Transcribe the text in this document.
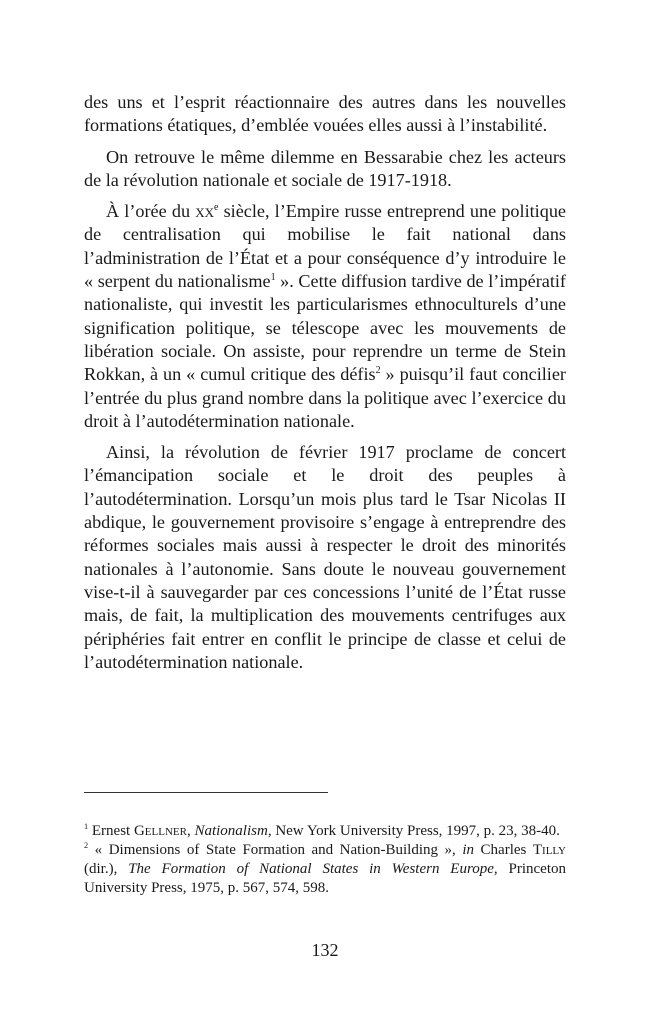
des uns et l’esprit réactionnaire des autres dans les nouvelles formations étatiques, d’emblée vouées elles aussi à l’instabilité.

On retrouve le même dilemme en Bessarabie chez les acteurs de la révolution nationale et sociale de 1917-1918.

À l’orée du $xx^e$ siècle, l’Empire russe entreprend une politique de centralisation qui mobilise le fait national dans l’administration de l’État et a pour conséquence d’y introduire le « serpent du nationalisme$^1$ ». Cette diffusion tardive de l’impératif nationaliste, qui investit les particularismes ethnoculturels d’une signification politique, se télescope avec les mouvements de libération sociale. On assiste, pour reprendre un terme de Stein Rokkan, à un « cumul critique des défis$^2$ » puisqu’il faut concilier l’entrée du plus grand nombre dans la politique avec l’exercice du droit à l’autodétermination nationale.

Ainsi, la révolution de février 1917 proclame de concert l’émancipation sociale et le droit des peuples à l’autodétermination. Lorsqu’un mois plus tard le Tsar Nicolas II abdique, le gouvernement provisoire s’engage à entreprendre des réformes sociales mais aussi à respecter le droit des minorités nationales à l’autonomie. Sans doute le nouveau gouvernement vise-t-il à sauvegarder par ces concessions l’unité de l’État russe mais, de fait, la multiplication des mouvements centrifuges aux périphéries fait entrer en conflit le principe de classe et celui de l’autodétermination nationale.

$^1$ Ernest Gellner, Nationalism, New York University Press, 1997, p. 23, 38-40.

$^2$ « Dimensions of State Formation and Nation-Building », in Charles Tilly (dir.), The Formation of National States in Western Europe, Princeton University Press, 1975, p. 567, 574, 598.

132
